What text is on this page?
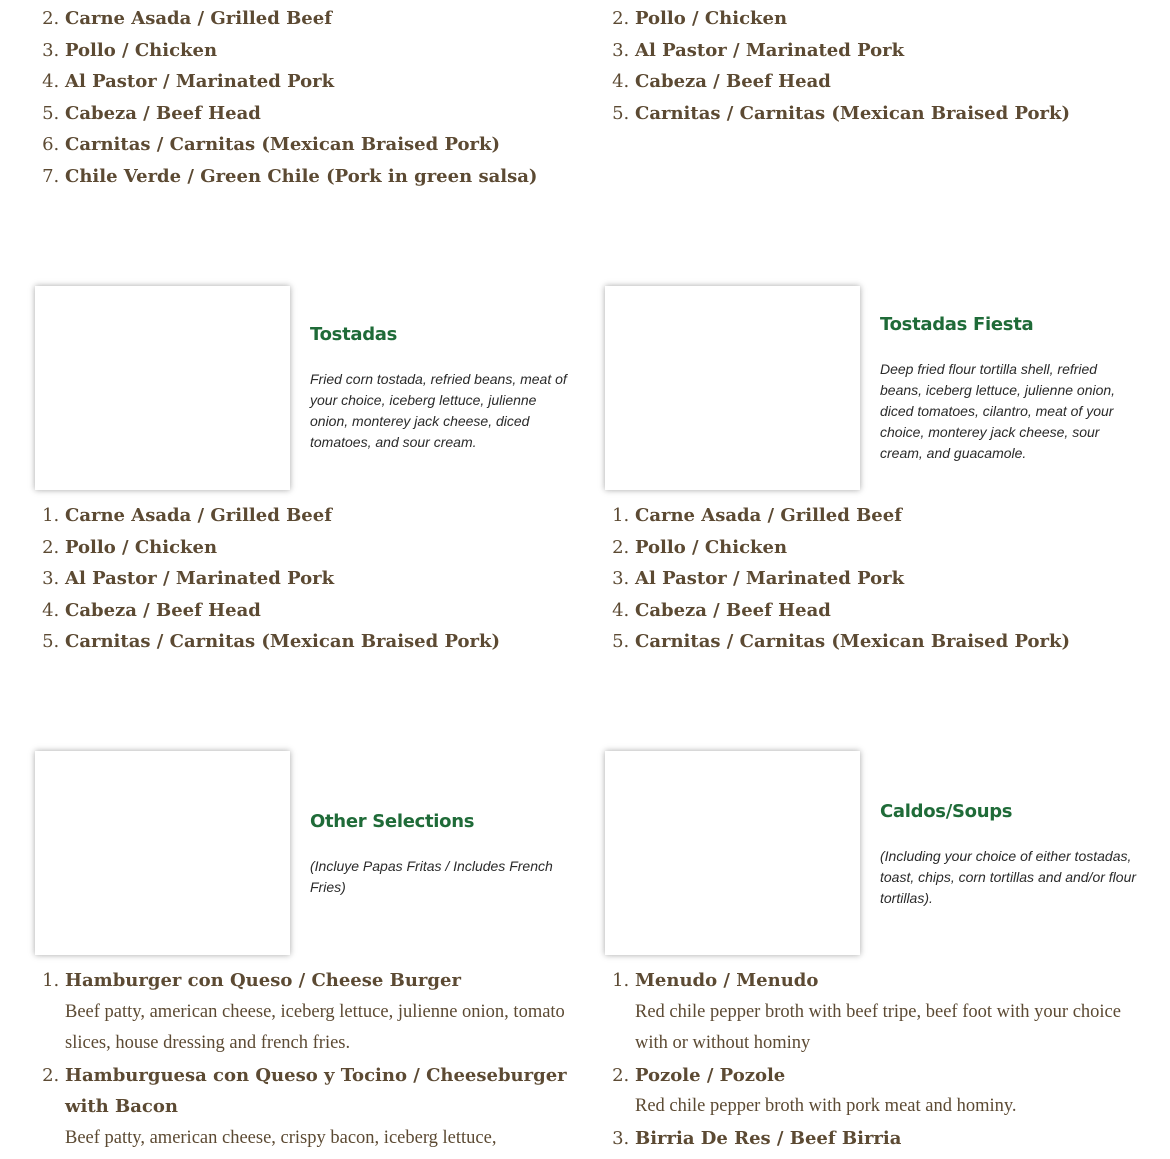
2. Carne Asada / Grilled Beef
3. Pollo / Chicken
4. Al Pastor / Marinated Pork
5. Cabeza / Beef Head
6. Carnitas / Carnitas (Mexican Braised Pork)
7. Chile Verde / Green Chile (Pork in green salsa)
2. Pollo / Chicken
3. Al Pastor / Marinated Pork
4. Cabeza / Beef Head
5. Carnitas / Carnitas (Mexican Braised Pork)
Tostadas

Fried corn tostada, refried beans, meat of your choice, iceberg lettuce, julienne onion, monterey jack cheese, diced tomatoes, and sour cream.

1. Carne Asada / Grilled Beef
2. Pollo / Chicken
3. Al Pastor / Marinated Pork
4. Cabeza / Beef Head
5. Carnitas / Carnitas (Mexican Braised Pork)
Tostadas Fiesta

Deep fried flour tortilla shell, refried beans, iceberg lettuce, julienne onion, diced tomatoes, cilantro, meat of your choice, monterey jack cheese, sour cream, and guacamole.

1. Carne Asada / Grilled Beef
2. Pollo / Chicken
3. Al Pastor / Marinated Pork
4. Cabeza / Beef Head
5. Carnitas / Carnitas (Mexican Braised Pork)
Other Selections

(Incluye Papas Fritas / Includes French Fries)

1. Hamburger con Queso / Cheese Burger
Beef patty, american cheese, iceberg lettuce, julienne onion, tomato slices, house dressing and french fries.
2. Hamburguesa con Queso y Tocino / Cheeseburger with Bacon
Beef patty, american cheese, crispy bacon, iceberg lettuce,
Caldos/Soups

(Including your choice of either tostadas, toast, chips, corn tortillas and and/or flour tortillas).

1. Menudo / Menudo
Red chile pepper broth with beef tripe, beef foot with your choice with or without hominy
2. Pozole / Pozole
Red chile pepper broth with pork meat and hominy.
3. Birria De Res / Beef Birria
